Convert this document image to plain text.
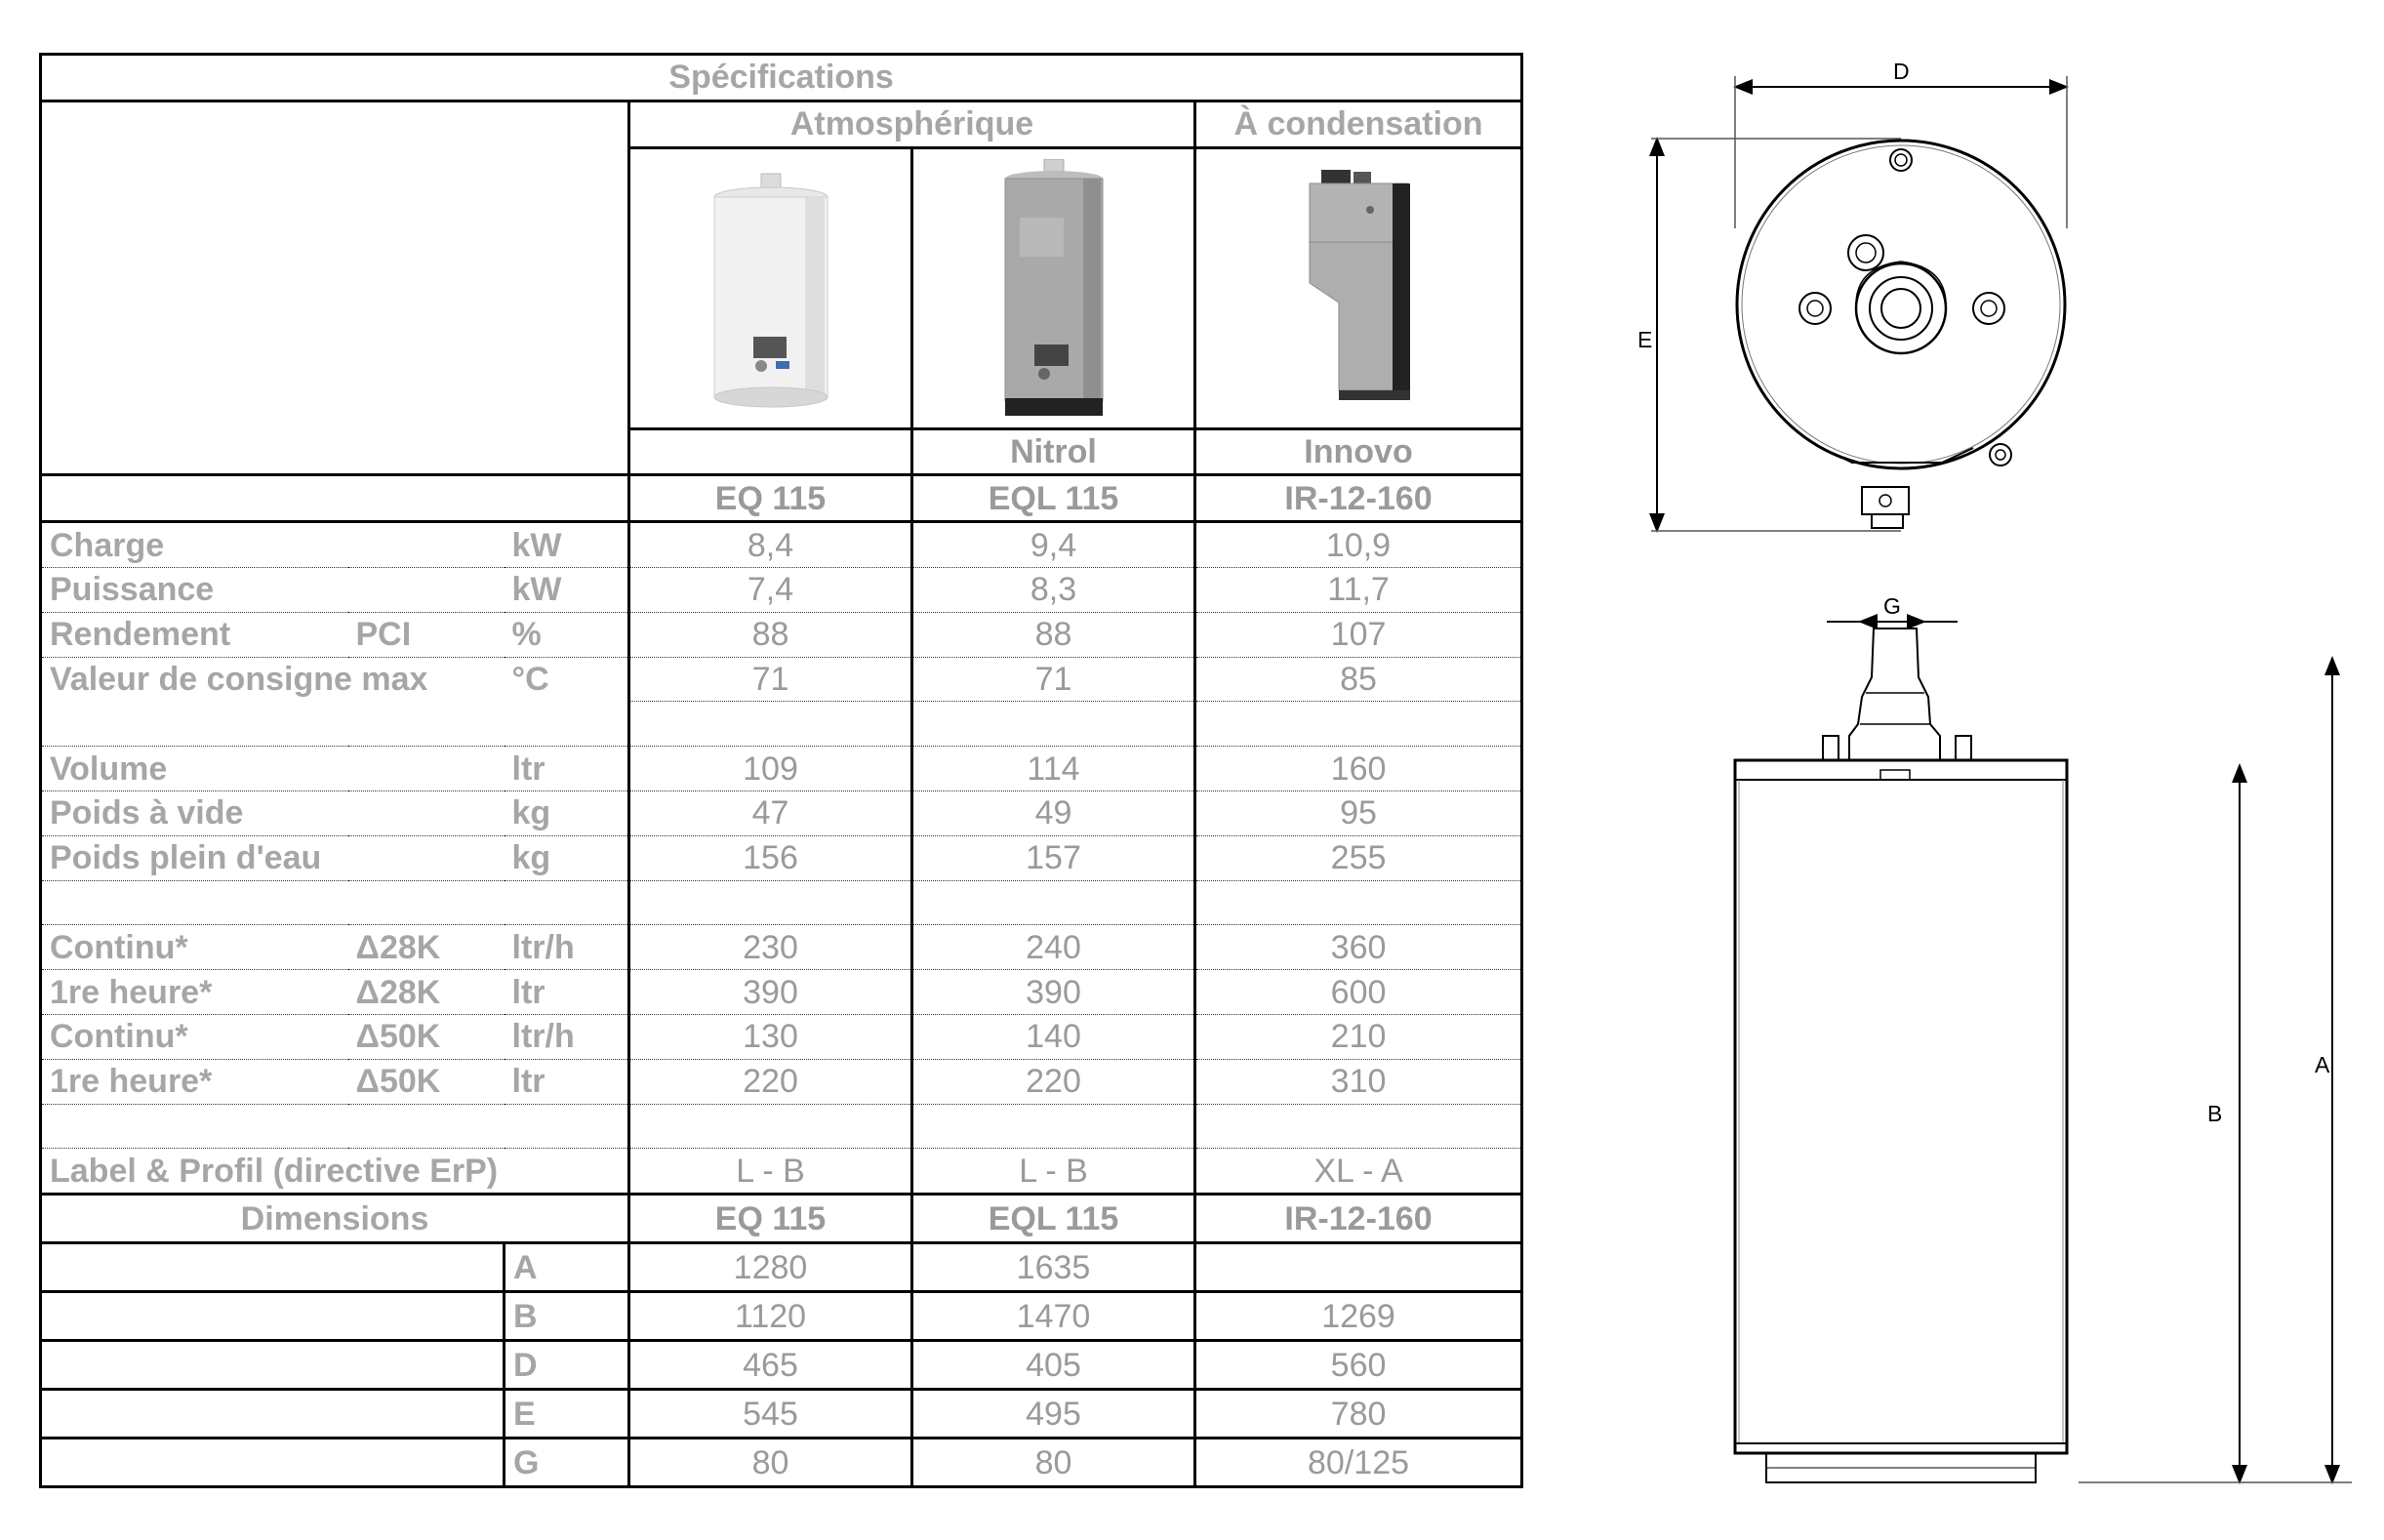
Spécifications					
			Atmosphérique		À condensation

				Nitrol	Innovo
			EQ 115	EQL 115	IR-12-160
Charge		kW	8,4	9,4	10,9
Puissance		kW	7,4	8,3	11,7
Rendement	PCI	%	88	88	107
Valeur de consigne max		°C	71	71	85

Volume		ltr	109	114	160
Poids à vide		kg	47	49	95
Poids plein d'eau		kg	156	157	255

Continu*	Δ28K	ltr/h	230	240	360
1re heure*	Δ28K	ltr	390	390	600
Continu*	Δ50K	ltr/h	130	140	210
1re heure*	Δ50K	ltr	220	220	310

Label & Profil (directive ErP)			L - B	L - B	XL - A
Dimensions			EQ 115	EQL 115	IR-12-160
		A	1280	1635	
		B	1120	1470	1269
		D	465	405	560
		E	545	495	780
		G	80	80	80/125
D
E
G
B
A
